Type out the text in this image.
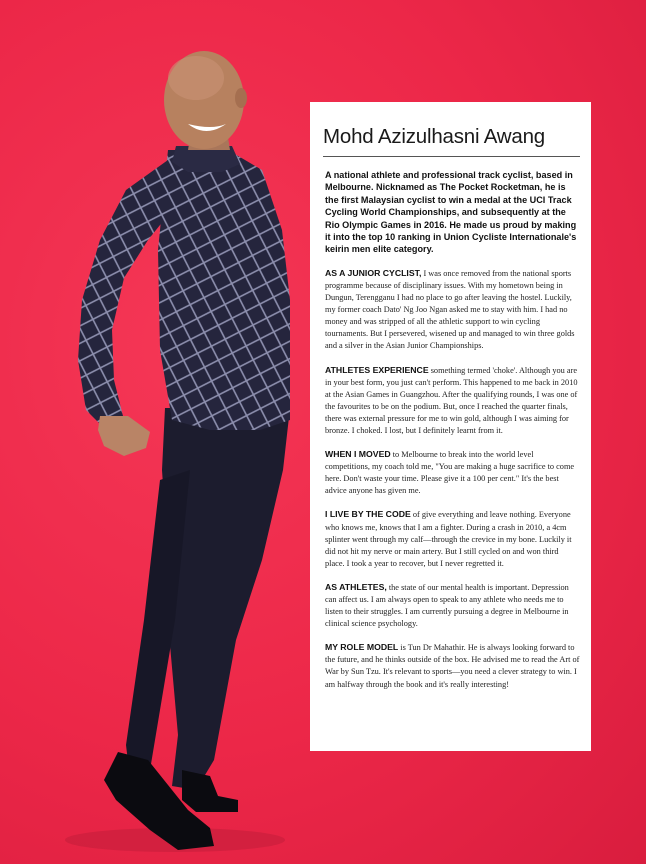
Mohd Azizulhasni Awang

A national athlete and professional track cyclist, based in Melbourne. Nicknamed as The Pocket Rocketman, he is the first Malaysian cyclist to win a medal at the UCI Track Cycling World Championships, and subsequently at the Rio Olympic Games in 2016. He made us proud by making it into the top 10 ranking in Union Cycliste Internationale's keirin men elite category.

AS A JUNIOR CYCLIST, I was once removed from the national sports programme because of disciplinary issues. With my hometown being in Dungun, Terengganu I had no place to go after leaving the hostel. Luckily, my former coach Dato' Ng Joo Ngan asked me to stay with him. I had no money and was stripped of all the athletic support to win cycling tournaments. But I persevered, wisened up and managed to win three golds and a silver in the Asian Junior Championships.

ATHLETES EXPERIENCE something termed 'choke'. Although you are in your best form, you just can't perform. This happened to me back in 2010 at the Asian Games in Guangzhou. After the qualifying rounds, I was one of the favourites to be on the podium. But, once I reached the quarter finals, there was external pressure for me to win gold, although I was aiming for bronze. I choked. I lost, but I definitely learnt from it.

WHEN I MOVED to Melbourne to break into the world level competitions, my coach told me, "You are making a huge sacrifice to come here. Don't waste your time. Please give it a 100 per cent." It's the best advice anyone has given me.

I LIVE BY THE CODE of give everything and leave nothing. Everyone who knows me, knows that I am a fighter. During a crash in 2010, a 4cm splinter went through my calf—through the crevice in my bone. Luckily it did not hit my nerve or main artery. But I still cycled on and won third place. I took a year to recover, but I never regretted it.

AS ATHLETES, the state of our mental health is important. Depression can affect us. I am always open to speak to any athlete who needs me to listen to their struggles. I am currently pursuing a degree in Melbourne in clinical science psychology.

MY ROLE MODEL is Tun Dr Mahathir. He is always looking forward to the future, and he thinks outside of the box. He advised me to read the Art of War by Sun Tzu. It's relevant to sports—you need a clever strategy to win. I am halfway through the book and it's really interesting!
